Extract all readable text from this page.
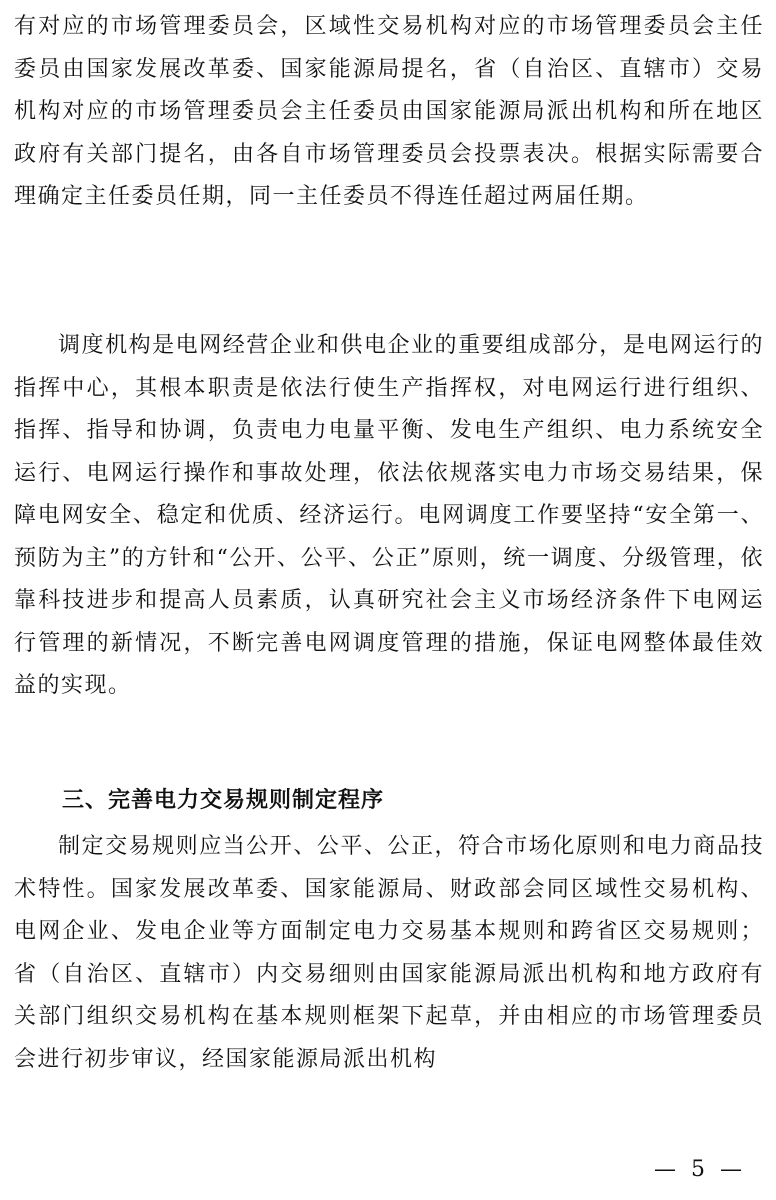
有对应的市场管理委员会，区域性交易机构对应的市场管理委员会主任委员由国家发展改革委、国家能源局提名，省（自治区、直辖市）交易机构对应的市场管理委员会主任委员由国家能源局派出机构和所在地区政府有关部门提名，由各自市场管理委员会投票表决。根据实际需要合理确定主任委员任期，同一主任委员不得连任超过两届任期。

调度机构是电网经营企业和供电企业的重要组成部分，是电网运行的指挥中心，其根本职责是依法行使生产指挥权，对电网运行进行组织、指挥、指导和协调，负责电力电量平衡、发电生产组织、电力系统安全运行、电网运行操作和事故处理，依法依规落实电力市场交易结果，保障电网安全、稳定和优质、经济运行。电网调度工作要坚持“安全第一、预防为主”的方针和“公开、公平、公正”原则，统一调度、分级管理，依靠科技进步和提高人员素质，认真研究社会主义市场经济条件下电网运行管理的新情况，不断完善电网调度管理的措施，保证电网整体最佳效益的实现。

三、完善电力交易规则制定程序

制定交易规则应当公开、公平、公正，符合市场化原则和电力商品技术特性。国家发展改革委、国家能源局、财政部会同区域性交易机构、电网企业、发电企业等方面制定电力交易基本规则和跨省区交易规则；省（自治区、直辖市）内交易细则由国家能源局派出机构和地方政府有关部门组织交易机构在基本规则框架下起草，并由相应的市场管理委员会进行初步审议，经国家能源局派出机构

— 5 —
